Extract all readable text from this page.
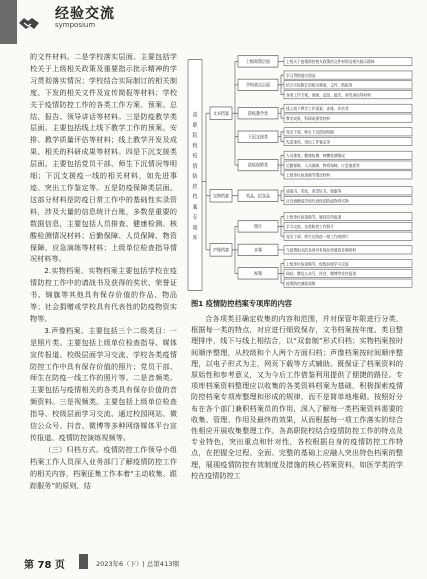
经验交流
symposium

的文件材料。二是学校落实层面。主要包括学校关于上级相关政策及重要指示批示精神的学习贯彻落实情况；学校结合实际制订的相关制度、下发的相关文件及宣传简报等材料；学校关于疫情防控工作的各类工作方案、预案、总结、报告、领导讲话等材料。三是防疫教学类层面。主要包括线上线下教学工作的预案、安排、教学质量评估等材料；线上教学开发及成果、相关的科研成果等材料。四是下沉支援类层面。主要包括党员干部、师生下沉情况等明细；下沉支援疫一线的相关材料，如先进事迹、突出工作鉴定等。五是防疫保障类层面。这部分材料是防疫日常工作中的基础性实录资料，涉及大量的信息统计台账，多数是重要的数据信息，主要包括人员排查、健康检测、核酸检测情况材料；后勤保障、人员保障、物资保障、应急演练等材料；上级单位检查指导情况材料等。

2.实物档案。实物档案主要包括学校在疫情防控工作中的请战书及获得的奖状、荣誉证书、锦旗等其他具有保存价值的作品、物品等；社会捐赠或学校具有代表性的防疫物资实物等。

3.声像档案。主要包括三个二级类目：一是照片类。主要包括上级单位检查指导、媒体宣传报道、校级层面学习交流、学校各类疫情防控工作中具有保存价值的照片；党员干部、师生在防疫一线工作的照片等。二是音频类。主要包括与疫情相关的各类具有保存价值的音频资料。三是视频类。主要包括上级单位检查指导、校级层面学习交流、通过校园网站、微信公众号、抖音、微博等多种网络媒体平台宣传报道、疫情防控演练视频等。

（三）归档方式。疫情防控工作领导小组档案工作人员深入业务部门了解疫情防控工作的相关内容，档案征集工作本着“主动收集、跟踪服务”的原则，结

上级关于疫情防控相关政策的文件材料及相关指示精神
上级政策层面
学习贯彻落实情况
结合实际制订的相关制度、文件、简报等
各类工作方案、预案、总结、报告、领导讲话等材料
学校落实层面
线上线下教学工作预案、安排、评估等
教学成果、科研成果等材料
防疫教学类
党员干部、师生下沉情况明细
先进事迹、突出工作鉴定等
下沉支援类
人员排查、健康检测、核酸检测情况
后勤保障、人员保障、物资保障、应急演练等
上级单位检查指导情况材料
防疫保障类
文书档案
请战书、奖状、荣誉证书、锦旗等
社会捐赠或学校代表性的防疫物资实物
奖品、纪念品
实物档案
上级单位检查指导、媒体宣传报道
学习交流、各类防控工作照片
党员干部、师生在防疫一线工作的照片
照片
与疫情相关的各类具有保存价值的音频资料
音频
上级单位检查指导、校级层面学习交流
网站、微信公众号、抖音、微博等宣传报道
疫情防控演练视频
视频
声像档案
高
职
院
校
疫
情
防
控
档
案
专
项
库
图1 疫情防控档案专项库的内容

合各项类目确定收集的内容和范围，并对保管年限进行分类，根据每一类的特点，对应进行细致保存，文书档案按年度、类目整理排序，线下与线上相结合，以“双套制”形式归档；实物档案按时间顺序整理，从校级和个人两个方面归档；声像档案按时间顺序整理，以电子形式为主，网页下载等方式辅助。既保证了档案资料的原始性和参考意义，又为今后工作借鉴利用提供了便捷的路径。专项库档案资料整理应以收集的各类资料档案为基础，积极探索疫情防控档案专项库整理和形成的规律，而不是简单地堆砌。按照好分布在各个部门兼职档案员的作用，深入了解每一类档案资料需要的收集、管理、作用及最终的效果，从而根据每一项工作落实的综合性相应开展收集整理工作。各高职院校结合疫情防控工作的特点及专业特色，突出重点和针对性，各校根据自身的疫情防控工作特点，在把握全过程、全面、完整的基础上应融入突出特色档案的整理，展现疫情防控有效制度及措施的核心档案资料，如医学类的学校在疫情防控工

第 78 页	2023年6（下）| 总第413期
